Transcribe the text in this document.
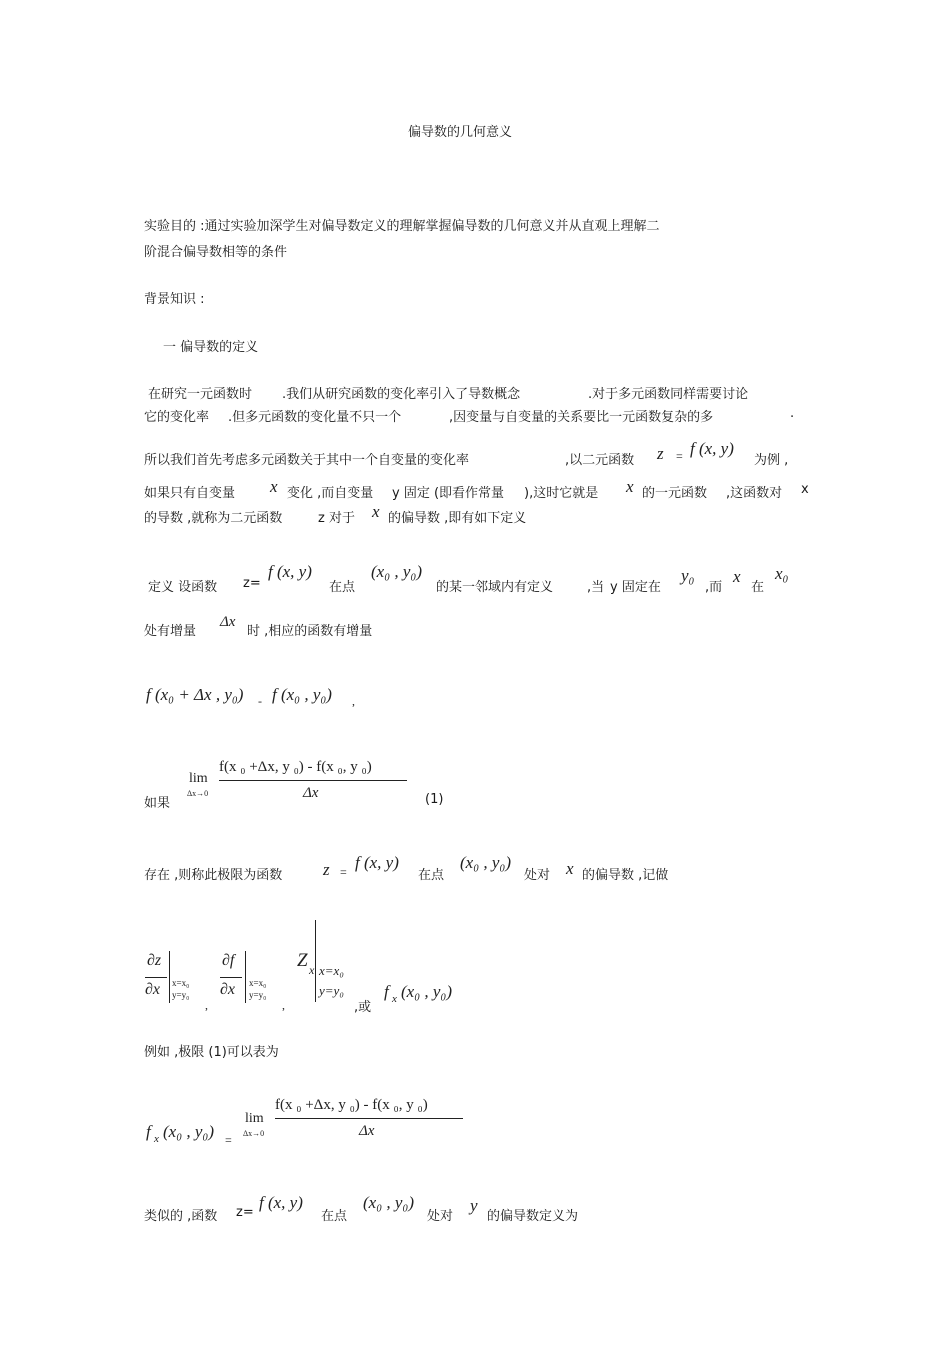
偏导数的几何意义
实验目的 :通过实验加深学生对偏导数定义的理解掌握偏导数的几何意义并从直观上理解二
阶混合偏导数相等的条件
背景知识 :
一 偏导数的定义
在研究一元函数时 .我们从研究函数的变化率引入了导数概念	.对于多元函数同样需要讨论
它的变化率 .但多元函数的变化量不只一个	,因变量与自变量的关系要比一元函数复杂的多	.
所以我们首先考虑多元函数关于其中一个自变量的变化率	,以二元函数 z = f (x, y)
为例 ,
如果只有自变量 x 变化 ,而自变量 y 固定 (即看作常量 ),这时它就是 x 的一元函数 ,这函数对 x
的导数 ,就称为二元函数	z 对于 x 的偏导数 ,即有如下定义
定义 设函数 z=
f (x, y)
在点
(x₀ , y₀)
的某一邻域内有定义	,当 y 固定在
y₀
,而
x
在
x₀
处有增量
Δx
时 ,相应的函数有增量
f (x₀ + Δx , y₀) - f (x₀ , y₀) ,
如果
lim
Δx→0
f(x ₀ +Δx, y ₀) - f(x ₀, y ₀)
Δx	(1)
存在 ,则称此极限为函数 z = f (x, y)
在点
(x₀ , y₀)
处对 x 的偏导数 ,记做
∂z
∂x x=x₀
y=y₀
,
∂f
∂x x=x₀
y=y₀
,
Z x x=x₀
y=y₀
,或
f x (x₀ , y₀)
例如 ,极限 (1)可以表为
f x (x₀ , y₀) =
lim
Δx→0
f(x ₀ +Δx, y ₀) - f(x ₀, y ₀)
Δx
类似的 ,函数 z=
f (x, y)
在点
(x₀ , y₀)
处对
y
的偏导数定义为
